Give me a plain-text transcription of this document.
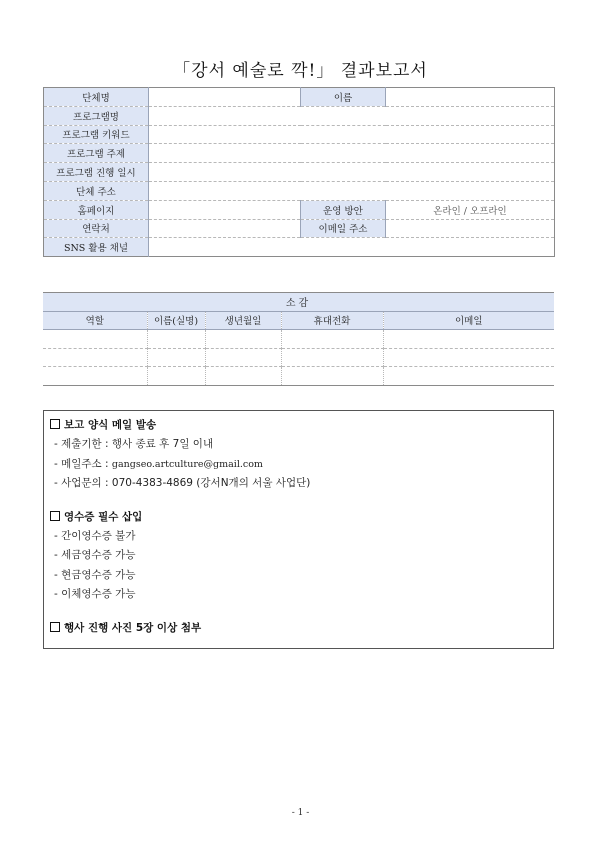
「강서 예술로 깍!」 결과보고서
단체명		이름	
프로그램명			
프로그램 키워드			
프로그램 주제			
프로그램 진행 일시			
단체 주소			
홈페이지		운영 방안	온라인 / 오프라인
연락처		이메일 주소	
SNS 활용 채널			
소감				
역할	이름(실명)	생년월일	휴대전화	이메일

보고 양식 메일 발송
- 제출기한 : 행사 종료 후 7일 이내
- 메일주소 : gangseo.artculture@gmail.com
- 사업문의 : 070-4383-4869 (강서N개의 서울 사업단)
영수증 필수 삽입
- 간이영수증 불가
- 세금영수증 가능
- 현금영수증 가능
- 이체영수증 가능
행사 진행 사진 5장 이상 첨부
- 1 -
